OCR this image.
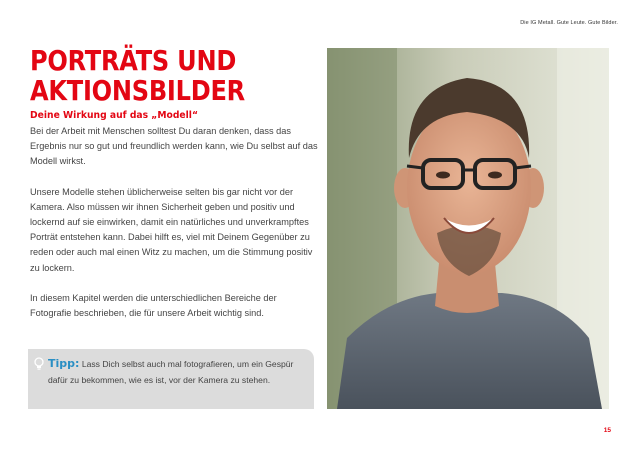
Die IG Metall. Gute Leute. Gute Bilder.
PORTRÄTS UND
AKTIONSBILDER
Deine Wirkung auf das „Modell“

Bei der Arbeit mit Menschen solltest Du daran denken, dass das Ergebnis nur so gut und freundlich werden kann, wie Du selbst auf das Modell wirkst.

Unsere Modelle stehen üblicherweise selten bis gar nicht vor der Kamera. Also müssen wir ihnen Sicherheit geben und positiv und lockernd auf sie einwirken, damit ein natürliches und unverkrampftes Porträt entstehen kann. Dabei hilft es, viel mit Deinem Gegenüber zu reden oder auch mal einen Witz zu machen, um die Stimmung positiv zu lockern.

In diesem Kapitel werden die unterschiedlichen Bereiche der Fotografie beschrieben, die für unsere Arbeit wichtig sind.

Tipp: Lass Dich selbst auch mal fotografieren, um ein Gespür dafür zu bekommen, wie es ist, vor der Kamera zu stehen.
15
